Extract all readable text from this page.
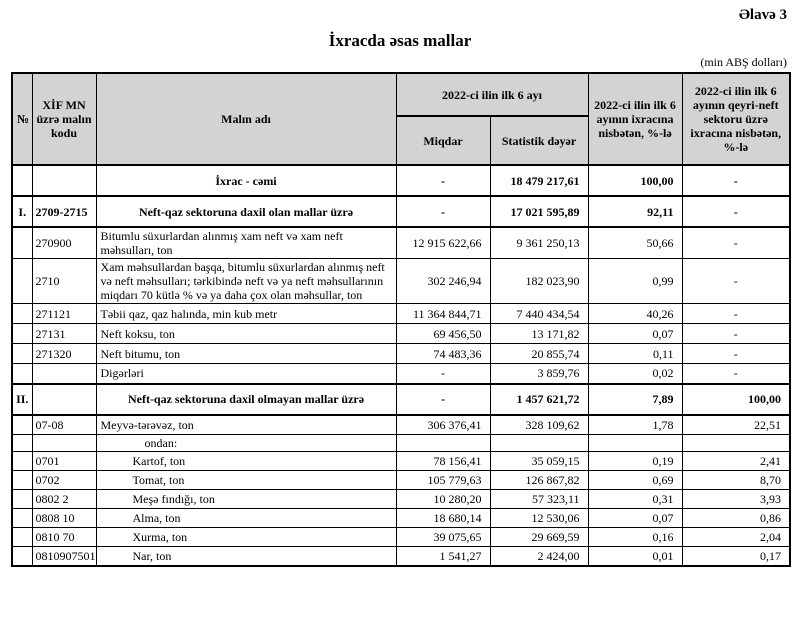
Əlavə 3
İxracda əsas mallar
(min ABŞ dolları)
№	XİF MN üzrə malın kodu	Malın adı	2022-ci ilin ilk 6 ayı		2022-ci ilin ilk 6 ayının ixracına nisbətən, %-lə	2022-ci ilin ilk 6 ayının qeyri-neft sektoru üzrə ixracına nisbətən, %-lə
			Miqdar	Statistik dəyər		
		İxrac - cəmi	-	18 479 217,61	100,00	-
I.	2709-2715	Neft-qaz sektoruna daxil olan mallar üzrə	-	17 021 595,89	92,11	-
	270900	Bitumlu süxurlardan alınmış xam neft və xam neft məhsulları, ton	12 915 622,66	9 361 250,13	50,66	-
	2710	Xam məhsullardan başqa, bitumlu süxurlardan alınmış neft və neft məhsulları; tərkibində neft və ya neft məhsullarının miqdarı 70 kütlə % və ya daha çox olan məhsullar, ton	302 246,94	182 023,90	0,99	-
	271121	Təbii qaz, qaz halında, min kub metr	11 364 844,71	7 440 434,54	40,26	-
	27131	Neft koksu, ton	69 456,50	13 171,82	0,07	-
	271320	Neft bitumu, ton	74 483,36	20 855,74	0,11	-
		Digərləri	-	3 859,76	0,02	-
II.		Neft-qaz sektoruna daxil olmayan mallar üzrə	-	1 457 621,72	7,89	100,00
	07-08	Meyvə-tərəvəz, ton	306 376,41	328 109,62	1,78	22,51
		ondan:				
	0701	Kartof, ton	78 156,41	35 059,15	0,19	2,41
	0702	Tomat, ton	105 779,63	126 867,82	0,69	8,70
	0802 2	Meşə fındığı, ton	10 280,20	57 323,11	0,31	3,93
	0808 10	Alma, ton	18 680,14	12 530,06	0,07	0,86
	0810 70	Xurma, ton	39 075,65	29 669,59	0,16	2,04
	0810907501	Nar, ton	1 541,27	2 424,00	0,01	0,17
